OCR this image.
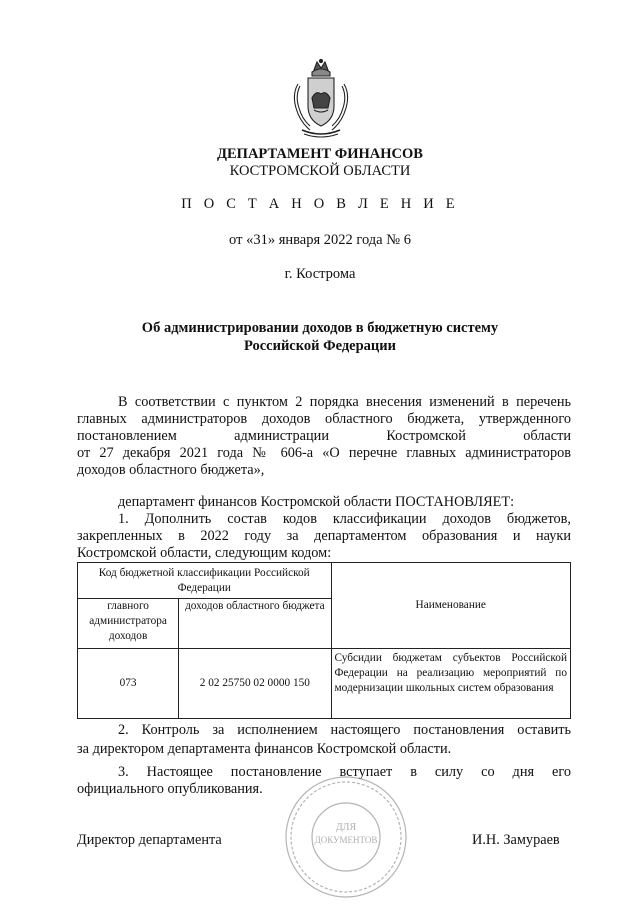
ДЕПАРТАМЕНТ ФИНАНСОВ
КОСТРОМСКОЙ ОБЛАСТИ
П О С Т А Н О В Л Е Н И Е
от «31» января 2022 года № 6
г. Кострома
Об администрировании доходов в бюджетную систему
Российской Федерации
В соответствии с пунктом 2 порядка внесения изменений в перечень
главных администраторов доходов областного бюджета, утвержденного
постановлением администрации Костромской области
от 27 декабря 2021 года № 606-а «О перечне главных администраторов
доходов областного бюджета»,
департамент финансов Костромской области ПОСТАНОВЛЯЕТ:
1. Дополнить состав кодов классификации доходов бюджетов,
закрепленных в 2022 году за департаментом образования и науки
Костромской области, следующим кодом:
Код бюджетной классификации Российской Федерации		Наименование
главного администратора доходов	доходов областного бюджета	
073	2 02 25750 02 0000 150	Субсидии бюджетам субъектов Российской Федерации на реализацию мероприятий по модернизации школьных систем образования
2. Контроль за исполнением настоящего постановления оставить
за директором департамента финансов Костромской области.
3. Настоящее постановление вступает в силу со дня его
официального опубликования.
ДЛЯ
ДОКУМЕНТОВ
Директор департамента	И.Н. Замураев
